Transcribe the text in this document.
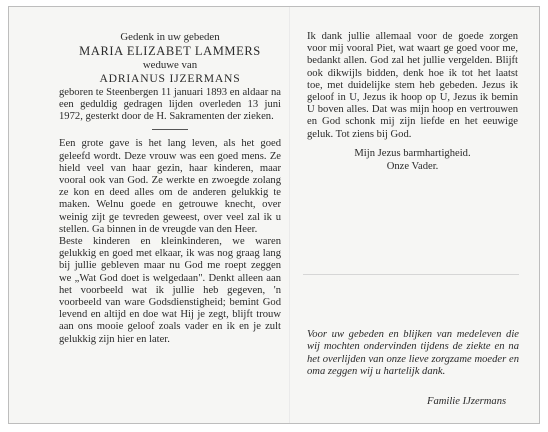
Gedenk in uw gebeden
MARIA ELIZABET LAMMERS
weduwe van
ADRIANUS IJZERMANS
geboren te Steenbergen 11 januari 1893 en aldaar na een geduldig gedragen lijden overleden 13 juni 1972, gesterkt door de H. Sakramenten der zieken.
Een grote gave is het lang leven, als het goed geleefd wordt. Deze vrouw was een goed mens. Ze hield veel van haar gezin, haar kinderen, maar vooral ook van God. Ze werkte en zwoegde zolang ze kon en deed alles om de anderen gelukkig te maken. Welnu goede en getrouwe knecht, over weinig zijt ge tevreden geweest, over veel zal ik u stellen. Ga binnen in de vreugde van den Heer.
Beste kinderen en kleinkinderen, we waren gelukkig en goed met elkaar, ik was nog graag lang bij jullie gebleven maar nu God me roept zeggen we „Wat God doet is welgedaan". Denkt alleen aan het voorbeeld wat ik jullie heb gegeven, 'n voorbeeld van ware Godsdienstigheid; bemint God levend en altijd en doe wat Hij je zegt, blijft trouw aan ons mooie geloof zoals vader en ik en je zult gelukkig zijn hier en later.
Ik dank jullie allemaal voor de goede zorgen voor mij vooral Piet, wat waart ge goed voor me, bedankt allen. God zal het jullie vergelden. Blijft ook dikwijls bidden, denk hoe ik tot het laatst toe, met duidelijke stem heb gebeden. Jezus ik geloof in U, Jezus ik hoop op U, Jezus ik bemin U boven alles. Dat was mijn hoop en vertrouwen en God schonk mij zijn liefde en het eeuwige geluk. Tot ziens bij God.
Mijn Jezus barmhartigheid.
Onze Vader.
Voor uw gebeden en blijken van medeleven die wij mochten ondervinden tijdens de ziekte en na het overlijden van onze lieve zorgzame moeder en oma zeggen wij u hartelijk dank.
Familie IJzermans
